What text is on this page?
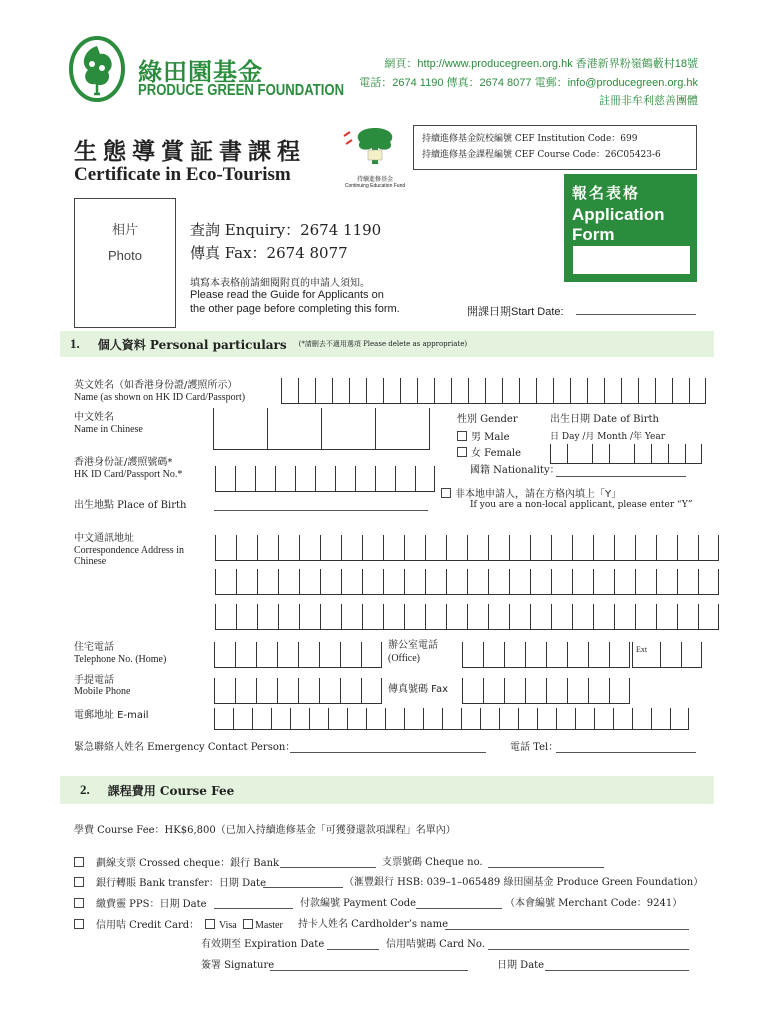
綠田園基金
PRODUCE GREEN FOUNDATION
網頁：http://www.producegreen.org.hk 香港新界粉嶺鶴藪村18號
電話：2674 1190 傳真：2674 8077 電郵：info@producegreen.org.hk
註冊非牟利慈善團體
生態導賞証書課程
Certificate in Eco-Tourism	持續進修基金
Continuing Education Fund
持續進修基金院校編號 CEF Institution Code：699
持續進修基金課程編號 CEF Course Code：26C05423-6
報名表格
Application
Form
相片
Photo
查詢 Enquiry：2674 1190
傳真 Fax：2674 8077
填寫本表格前請細閱附頁的申請人須知。
Please read the Guide for Applicants on
the other page before completing this form.	開課日期Start Date:
1. 個人資料 Personal particulars (*請刪去不適用選項 Please delete as appropriate)
英文姓名（如香港身份證/護照所示）
Name (as shown on HK ID Card/Passport)
中文姓名
Name in Chinese
性別 Gender
男 Male
女 Female
出生日期 Date of Birth
日 Day /月 Month /年 Year
香港身份証/護照號碼*
HK ID Card/Passport No.*	國籍 Nationality：
非本地申請人，請在方格內填上「Y」
If you are a non-local applicant, please enter “Y”
出生地點 Place of Birth
中文通訊地址
Correspondence Address in
Chinese
住宅電話
Telephone No. (Home)
辦公室電話
(Office)
Ext
手提電話
Mobile Phone	傳真號碼 Fax
電郵地址 E-mail
緊急聯絡人姓名 Emergency Contact Person：	電話 Tel：
2. 課程費用 Course Fee
學費 Course Fee：HK$6,800（已加入持續進修基金「可獲發還款項課程」名單內）
劃線支票 Crossed cheque：銀行 Bank	支票號碼 Cheque no.
銀行轉賬 Bank transfer：日期 Date	（滙豐銀行 HSB: 039–1–065489 綠田園基金 Produce Green Foundation）
繳費靈 PPS：日期 Date	付款編號 Payment Code	（本會編號 Merchant Code：9241）
信用咭 Credit Card：	Visa	Master 持卡人姓名 Cardholder’s name
有效期至 Expiration Date	信用咭號碼 Card No.
簽署 Signature	日期 Date
